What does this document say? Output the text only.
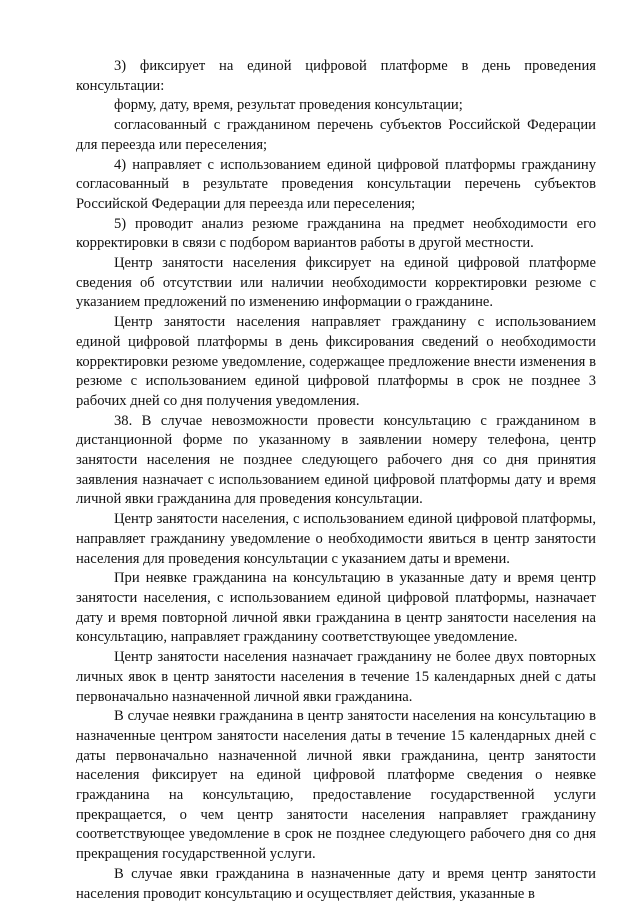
3) фиксирует на единой цифровой платформе в день проведения консультации:

форму, дату, время, результат проведения консультации;

согласованный с гражданином перечень субъектов Российской Федерации для переезда или переселения;

4) направляет с использованием единой цифровой платформы гражданину согласованный в результате проведения консультации перечень субъектов Российской Федерации для переезда или переселения;

5) проводит анализ резюме гражданина на предмет необходимости его корректировки в связи с подбором вариантов работы в другой местности.

Центр занятости населения фиксирует на единой цифровой платформе сведения об отсутствии или наличии необходимости корректировки резюме с указанием предложений по изменению информации о гражданине.

Центр занятости населения направляет гражданину с использованием единой цифровой платформы в день фиксирования сведений о необходимости корректировки резюме уведомление, содержащее предложение внести изменения в резюме с использованием единой цифровой платформы в срок не позднее 3 рабочих дней со дня получения уведомления.

38. В случае невозможности провести консультацию с гражданином в дистанционной форме по указанному в заявлении номеру телефона, центр занятости населения не позднее следующего рабочего дня со дня принятия заявления назначает с использованием единой цифровой платформы дату и время личной явки гражданина для проведения консультации.

Центр занятости населения, с использованием единой цифровой платформы, направляет гражданину уведомление о необходимости явиться в центр занятости населения для проведения консультации с указанием даты и времени.

При неявке гражданина на консультацию в указанные дату и время центр занятости населения, с использованием единой цифровой платформы, назначает дату и время повторной личной явки гражданина в центр занятости населения на консультацию, направляет гражданину соответствующее уведомление.

Центр занятости населения назначает гражданину не более двух повторных личных явок в центр занятости населения в течение 15 календарных дней с даты первоначально назначенной личной явки гражданина.

В случае неявки гражданина в центр занятости населения на консультацию в назначенные центром занятости населения даты в течение 15 календарных дней с даты первоначально назначенной личной явки гражданина, центр занятости населения фиксирует на единой цифровой платформе сведения о неявке гражданина на консультацию, предоставление государственной услуги прекращается, о чем центр занятости населения направляет гражданину соответствующее уведомление в срок не позднее следующего рабочего дня со дня прекращения государственной услуги.

В случае явки гражданина в назначенные дату и время центр занятости населения проводит консультацию и осуществляет действия, указанные в
